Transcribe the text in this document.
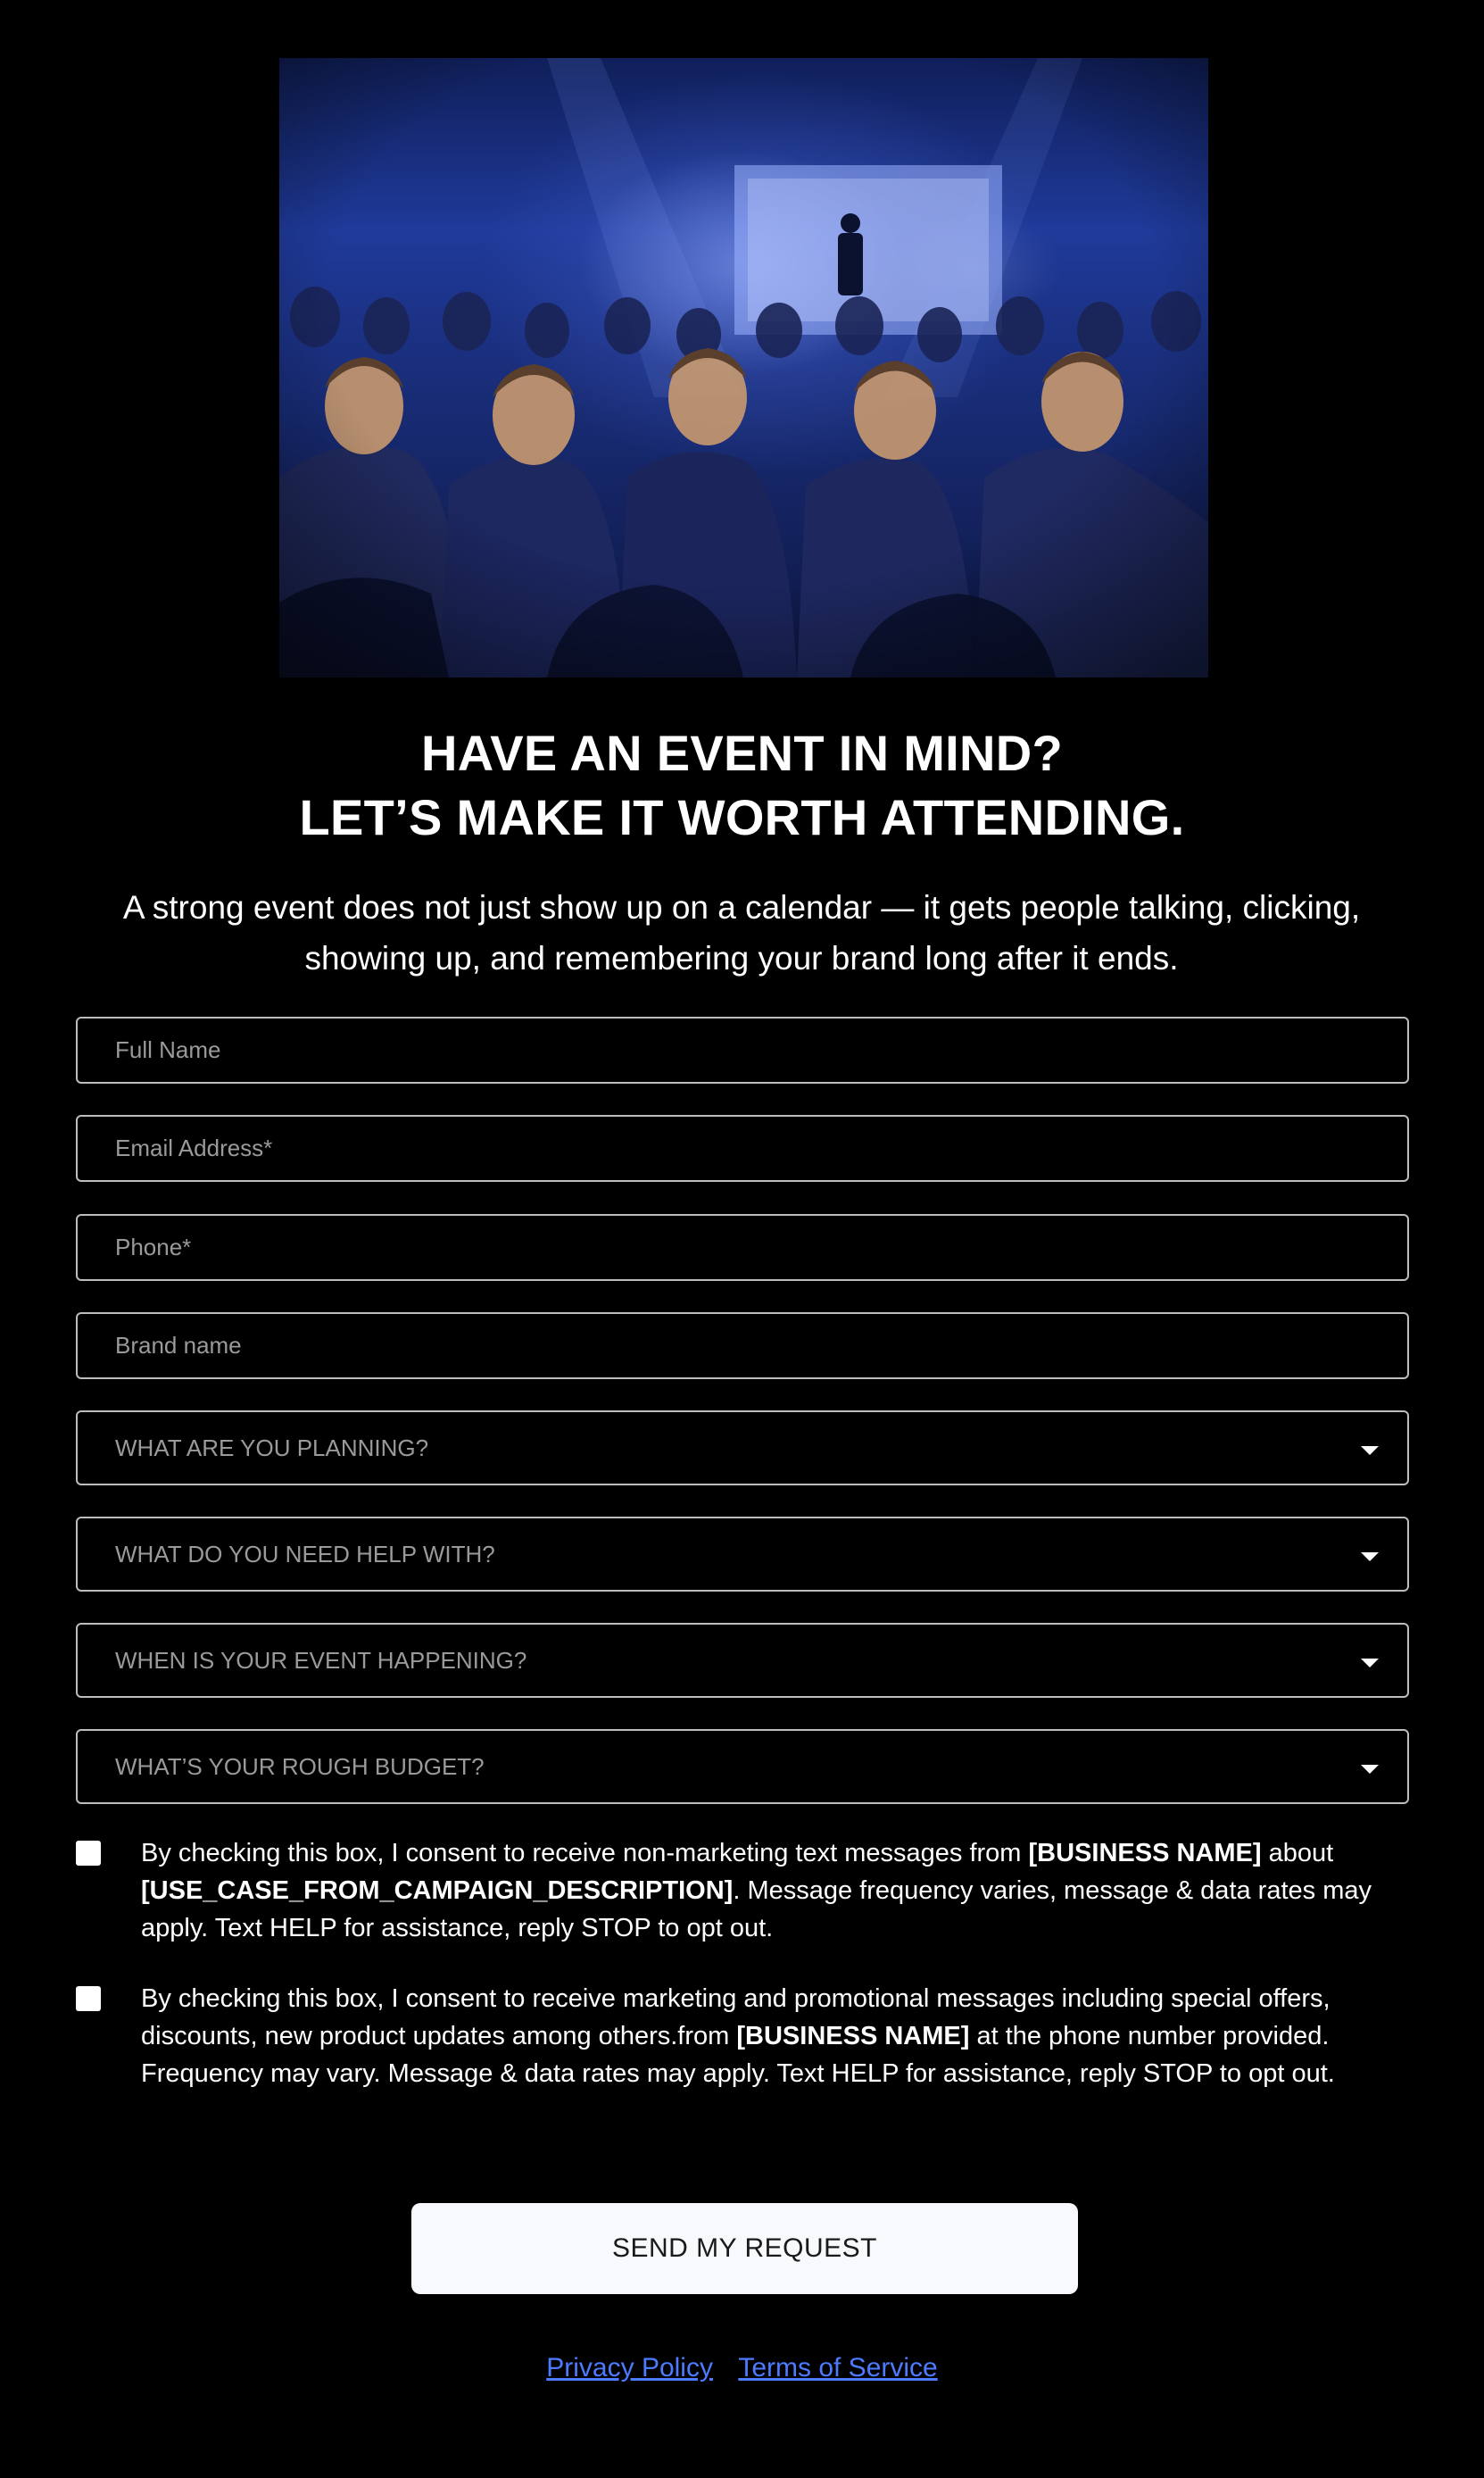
HAVE AN EVENT IN MIND?
LET’S MAKE IT WORTH ATTENDING.
A strong event does not just show up on a calendar — it gets people talking, clicking, showing up, and remembering your brand long after it ends.
Full Name
Email Address*
Phone*
Brand name
WHAT ARE YOU PLANNING?
WHAT DO YOU NEED HELP WITH?
WHEN IS YOUR EVENT HAPPENING?
WHAT’S YOUR ROUGH BUDGET?
By checking this box, I consent to receive non-marketing text messages from [BUSINESS NAME] about [USE_CASE_FROM_CAMPAIGN_DESCRIPTION]. Message frequency varies, message & data rates may apply. Text HELP for assistance, reply STOP to opt out.
By checking this box, I consent to receive marketing and promotional messages including special offers, discounts, new product updates among others.from [BUSINESS NAME] at the phone number provided. Frequency may vary. Message & data rates may apply. Text HELP for assistance, reply STOP to opt out.
SEND MY REQUEST
Privacy Policy Terms of Service
